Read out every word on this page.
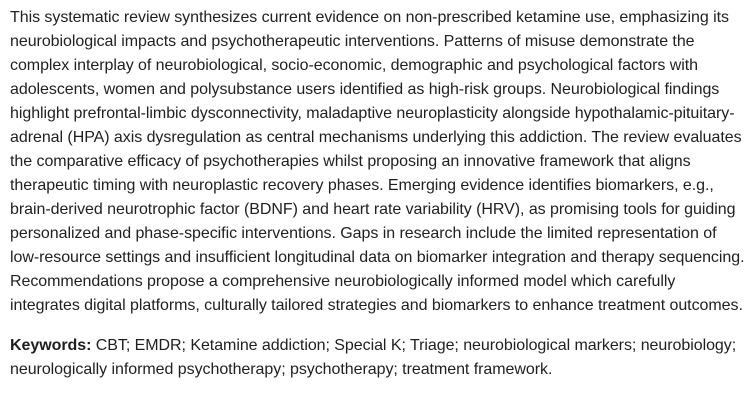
This systematic review synthesizes current evidence on non-prescribed ketamine use, emphasizing its neurobiological impacts and psychotherapeutic interventions. Patterns of misuse demonstrate the complex interplay of neurobiological, socio-economic, demographic and psychological factors with adolescents, women and polysubstance users identified as high-risk groups. Neurobiological findings highlight prefrontal-limbic dysconnectivity, maladaptive neuroplasticity alongside hypothalamic-pituitary-adrenal (HPA) axis dysregulation as central mechanisms underlying this addiction. The review evaluates the comparative efficacy of psychotherapies whilst proposing an innovative framework that aligns therapeutic timing with neuroplastic recovery phases. Emerging evidence identifies biomarkers, e.g., brain-derived neurotrophic factor (BDNF) and heart rate variability (HRV), as promising tools for guiding personalized and phase-specific interventions. Gaps in research include the limited representation of low-resource settings and insufficient longitudinal data on biomarker integration and therapy sequencing. Recommendations propose a comprehensive neurobiologically informed model which carefully integrates digital platforms, culturally tailored strategies and biomarkers to enhance treatment outcomes.

Keywords: CBT; EMDR; Ketamine addiction; Special K; Triage; neurobiological markers; neurobiology; neurologically informed psychotherapy; psychotherapy; treatment framework.
